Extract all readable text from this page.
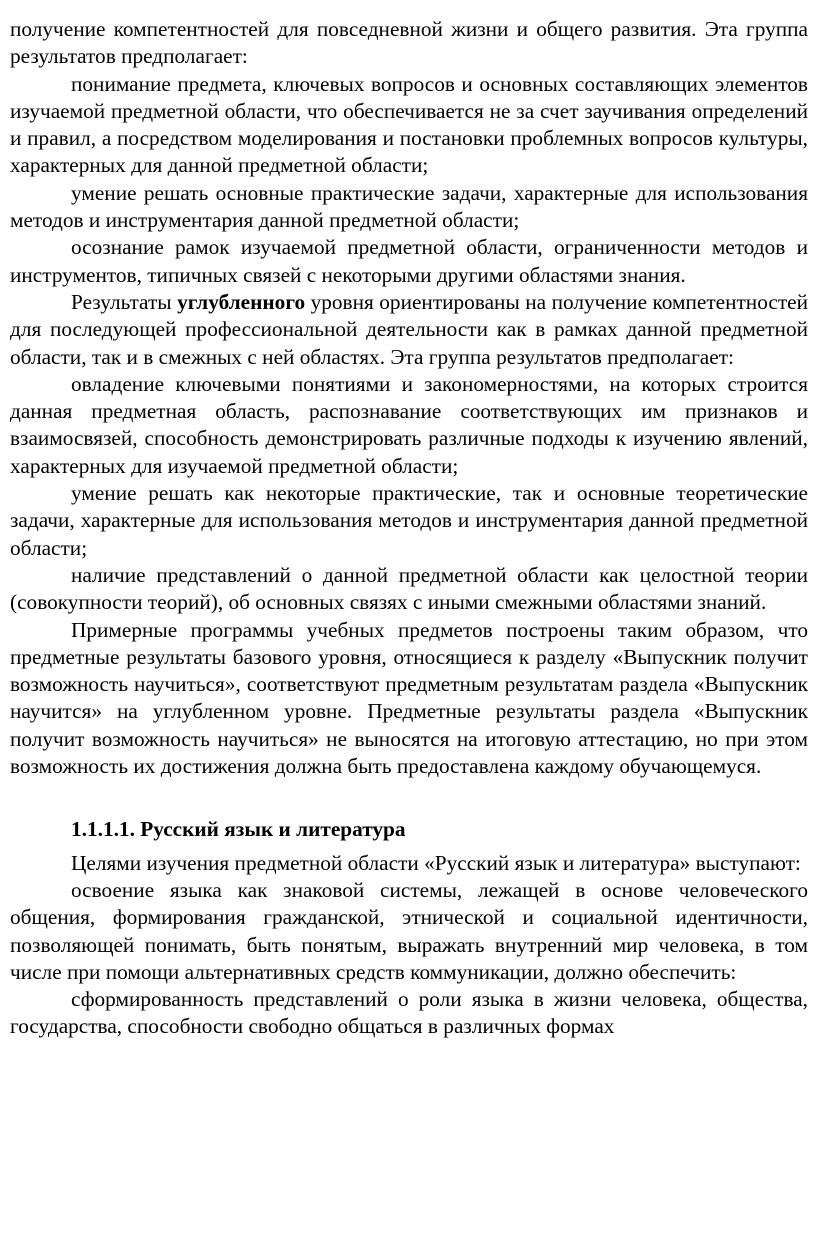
получение компетентностей для повседневной жизни и общего развития. Эта группа результатов предполагает:

понимание предмета, ключевых вопросов и основных составляющих элементов изучаемой предметной области, что обеспечивается не за счет заучивания определений и правил, а посредством моделирования и постановки проблемных вопросов культуры, характерных для данной предметной области;

умение решать основные практические задачи, характерные для использования методов и инструментария данной предметной области;

осознание рамок изучаемой предметной области, ограниченности методов и инструментов, типичных связей с некоторыми другими областями знания.

Результаты углубленного уровня ориентированы на получение компетентностей для последующей профессиональной деятельности как в рамках данной предметной области, так и в смежных с ней областях. Эта группа результатов предполагает:

овладение ключевыми понятиями и закономерностями, на которых строится данная предметная область, распознавание соответствующих им признаков и взаимосвязей, способность демонстрировать различные подходы к изучению явлений, характерных для изучаемой предметной области;

умение решать как некоторые практические, так и основные теоретические задачи, характерные для использования методов и инструментария данной предметной области;

наличие представлений о данной предметной области как целостной теории (совокупности теорий), об основных связях с иными смежными областями знаний.

Примерные программы учебных предметов построены таким образом, что предметные результаты базового уровня, относящиеся к разделу «Выпускник получит возможность научиться», соответствуют предметным результатам раздела «Выпускник научится» на углубленном уровне. Предметные результаты раздела «Выпускник получит возможность научиться» не выносятся на итоговую аттестацию, но при этом возможность их достижения должна быть предоставлена каждому обучающемуся.

1.1.1.1. Русский язык и литература

Целями изучения предметной области «Русский язык и литература» выступают:

освоение языка как знаковой системы, лежащей в основе человеческого общения, формирования гражданской, этнической и социальной идентичности, позволяющей понимать, быть понятым, выражать внутренний мир человека, в том числе при помощи альтернативных средств коммуникации, должно обеспечить:

сформированность представлений о роли языка в жизни человека, общества, государства, способности свободно общаться в различных формах
